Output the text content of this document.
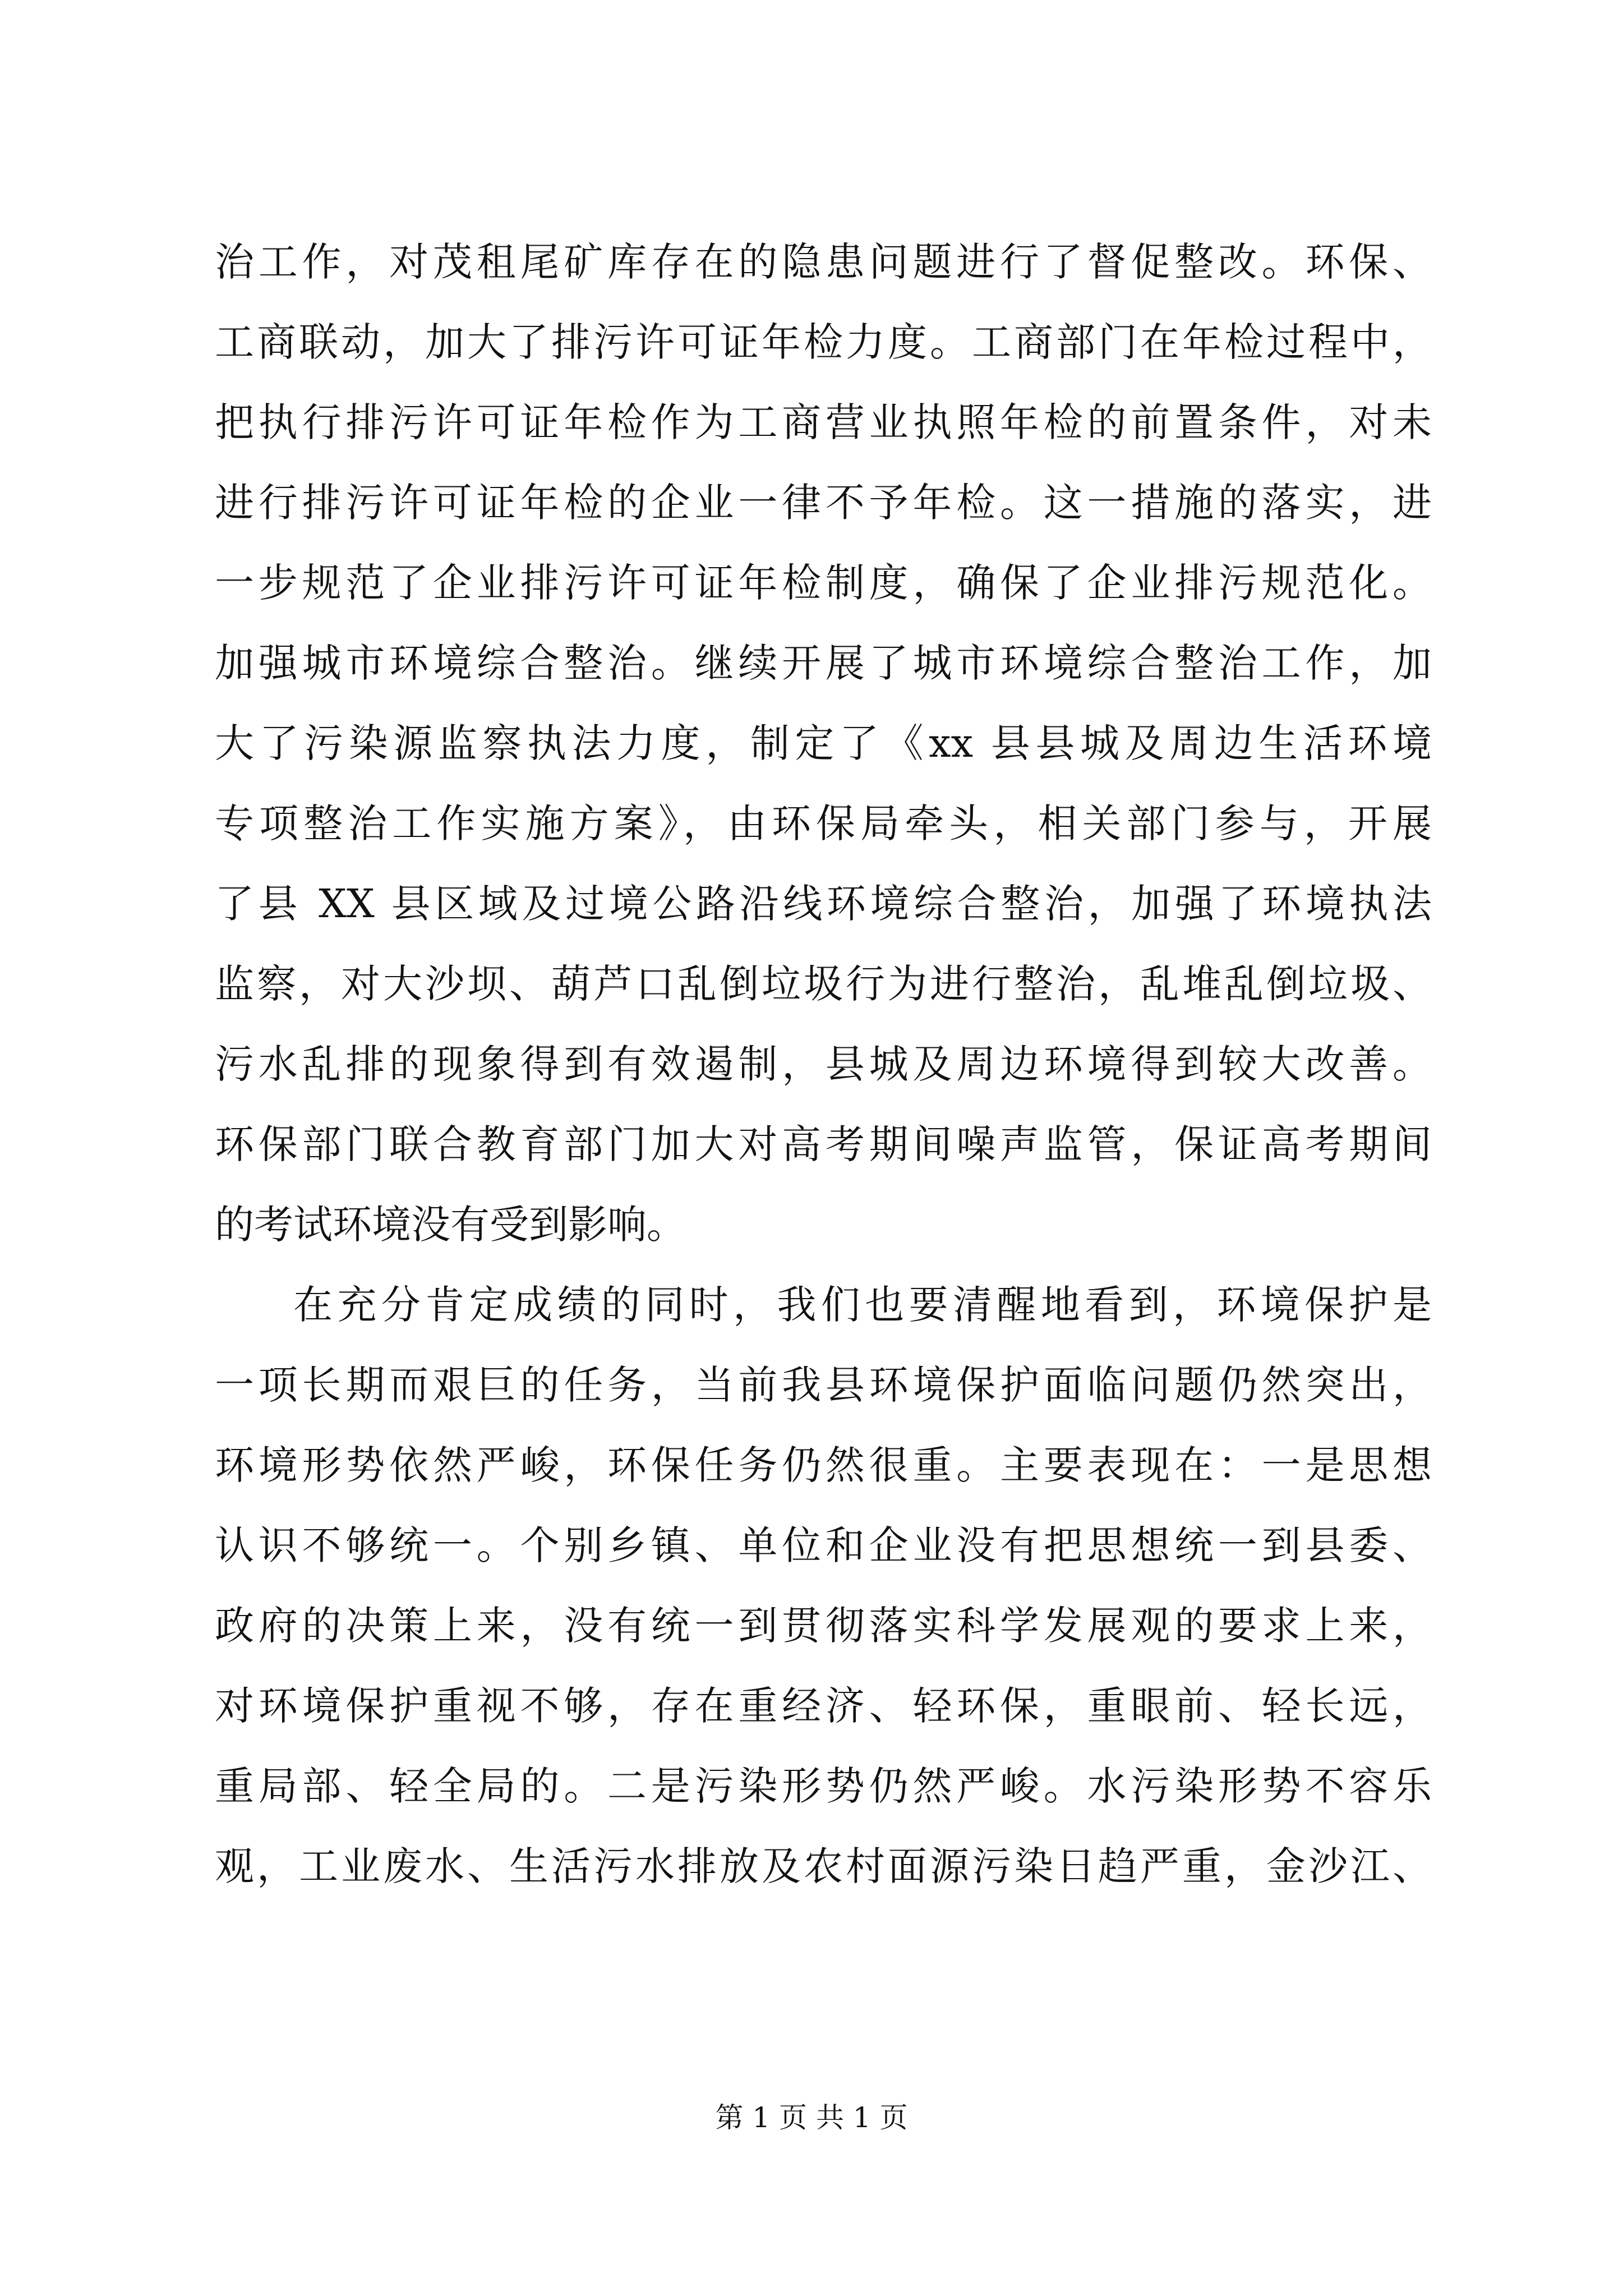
治工作，对茂租尾矿库存在的隐患问题进行了督促整改。环保、
工商联动，加大了排污许可证年检力度。工商部门在年检过程中，
把执行排污许可证年检作为工商营业执照年检的前置条件，对未
进行排污许可证年检的企业一律不予年检。这一措施的落实，进
一步规范了企业排污许可证年检制度，确保了企业排污规范化。
加强城市环境综合整治。继续开展了城市环境综合整治工作，加
大了污染源监察执法力度，制定了《xx 县县城及周边生活环境
专项整治工作实施方案》，由环保局牵头，相关部门参与，开展
了县 XX 县区域及过境公路沿线环境综合整治，加强了环境执法
监察，对大沙坝、葫芦口乱倒垃圾行为进行整治，乱堆乱倒垃圾、
污水乱排的现象得到有效遏制，县城及周边环境得到较大改善。
环保部门联合教育部门加大对高考期间噪声监管，保证高考期间
的考试环境没有受到影响。
在充分肯定成绩的同时，我们也要清醒地看到，环境保护是
一项长期而艰巨的任务，当前我县环境保护面临问题仍然突出，
环境形势依然严峻，环保任务仍然很重。主要表现在：一是思想
认识不够统一。个别乡镇、单位和企业没有把思想统一到县委、
政府的决策上来，没有统一到贯彻落实科学发展观的要求上来，
对环境保护重视不够，存在重经济、轻环保，重眼前、轻长远，
重局部、轻全局的。二是污染形势仍然严峻。水污染形势不容乐
观，工业废水、生活污水排放及农村面源污染日趋严重，金沙江、
第 1 页 共 1 页
